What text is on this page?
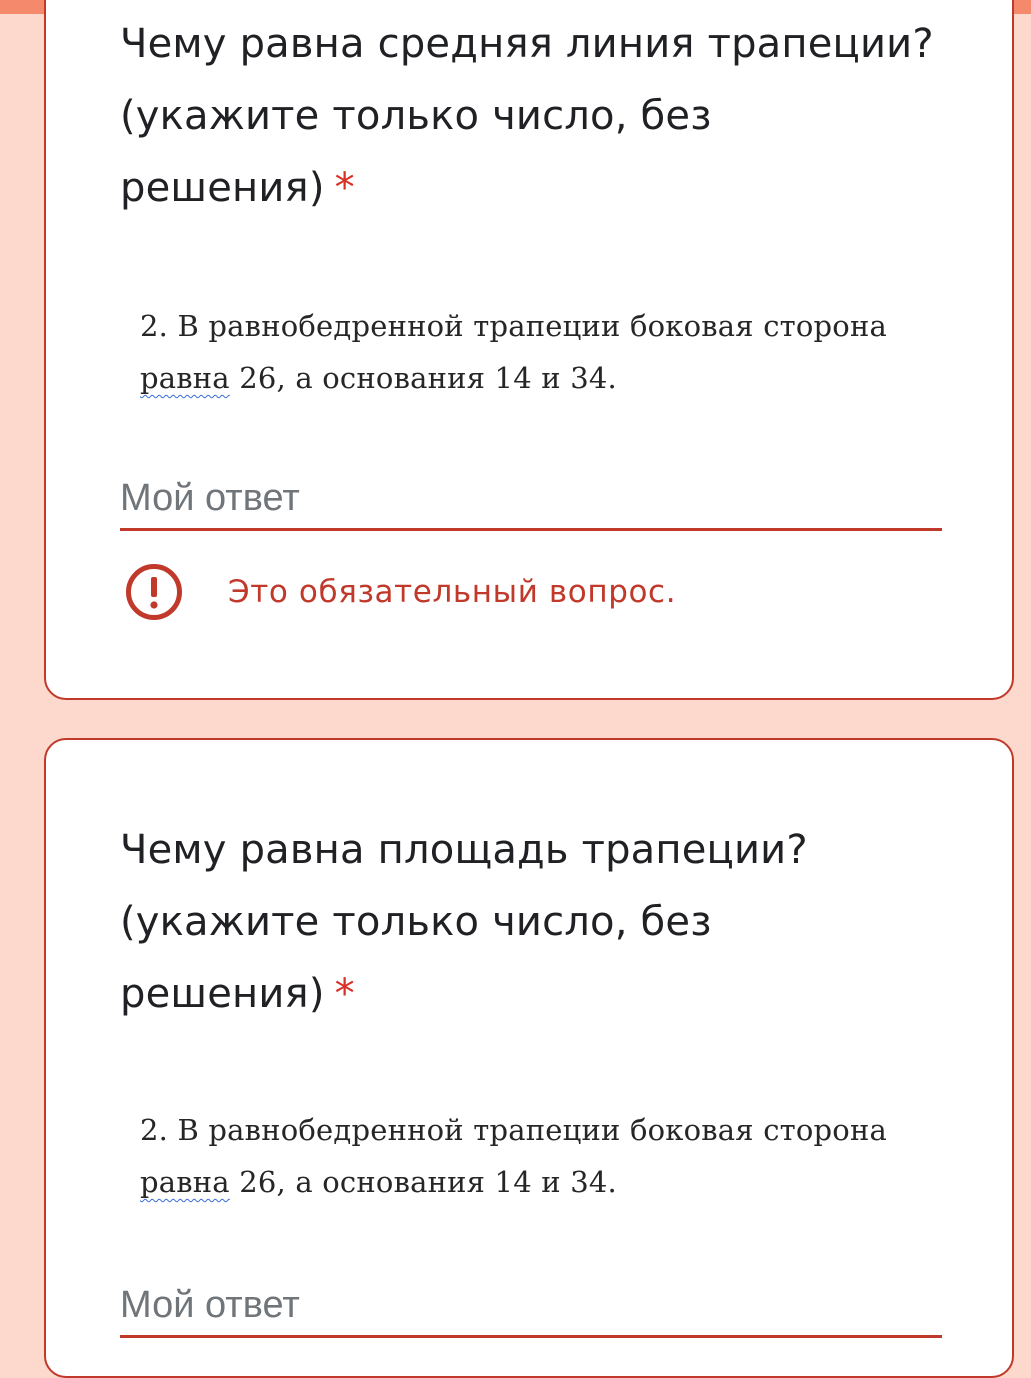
Чему равна средняя линия трапеции? (укажите только число, без решения) *

2. В равнобедренной трапеции боковая сторона
равна 26, а основания 14 и 34.

Мой ответ
Это обязательный вопрос.
Чему равна площадь трапеции? (укажите только число, без решения) *

2. В равнобедренной трапеции боковая сторона
равна 26, а основания 14 и 34.

Мой ответ
